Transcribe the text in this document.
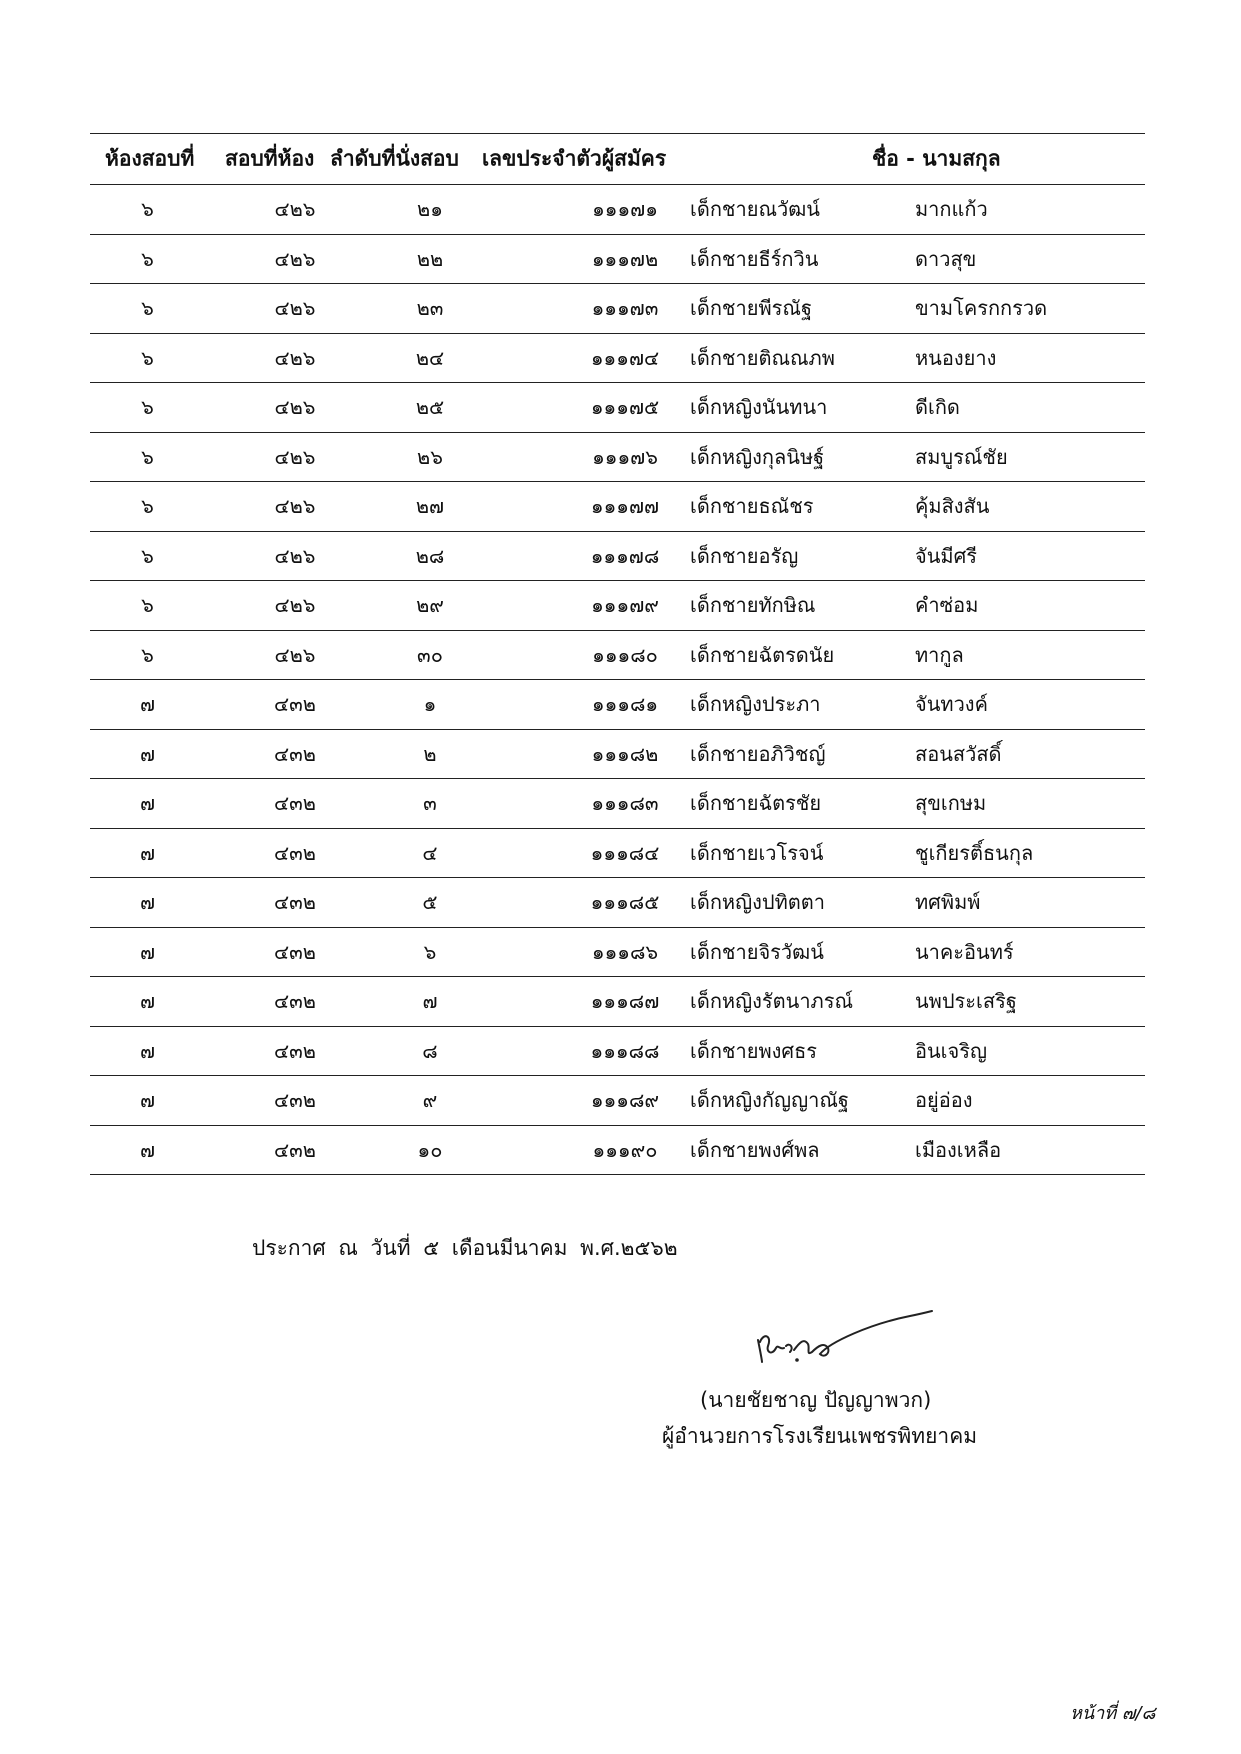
ห้องสอบที่ สอบที่ห้อง ลำดับที่นั่งสอบ เลขประจำตัวผู้สมัคร	ชื่อ - นามสกุล
๖	๔๒๖	๒๑	๑๑๑๗๑	เด็กชายณวัฒน์	มากแก้ว
๖	๔๒๖	๒๒	๑๑๑๗๒	เด็กชายธีร์กวิน	ดาวสุข
๖	๔๒๖	๒๓	๑๑๑๗๓	เด็กชายพีรณัฐ	ขามโครกกรวด
๖	๔๒๖	๒๔	๑๑๑๗๔	เด็กชายติณณภพ	หนองยาง
๖	๔๒๖	๒๕	๑๑๑๗๕	เด็กหญิงนันทนา	ดีเกิด
๖	๔๒๖	๒๖	๑๑๑๗๖	เด็กหญิงกุลนิษฐ์	สมบูรณ์ชัย
๖	๔๒๖	๒๗	๑๑๑๗๗	เด็กชายธณัชร	คุ้มสิงสัน
๖	๔๒๖	๒๘	๑๑๑๗๘	เด็กชายอรัญ	จันมีศรี
๖	๔๒๖	๒๙	๑๑๑๗๙	เด็กชายทักษิณ	คำซ่อม
๖	๔๒๖	๓๐	๑๑๑๘๐	เด็กชายฉัตรดนัย	ทากูล
๗	๔๓๒	๑	๑๑๑๘๑	เด็กหญิงประภา	จันทวงค์
๗	๔๓๒	๒	๑๑๑๘๒	เด็กชายอภิวิชญ์	สอนสวัสดิ์
๗	๔๓๒	๓	๑๑๑๘๓	เด็กชายฉัตรชัย	สุขเกษม
๗	๔๓๒	๔	๑๑๑๘๔	เด็กชายเวโรจน์	ชูเกียรติ์ธนกุล
๗	๔๓๒	๕	๑๑๑๘๕	เด็กหญิงปทิตตา	ทศพิมพ์
๗	๔๓๒	๖	๑๑๑๘๖	เด็กชายจิรวัฒน์	นาคะอินทร์
๗	๔๓๒	๗	๑๑๑๘๗	เด็กหญิงรัตนาภรณ์	นพประเสริฐ
๗	๔๓๒	๘	๑๑๑๘๘	เด็กชายพงศธร	อินเจริญ
๗	๔๓๒	๙	๑๑๑๘๙	เด็กหญิงกัญญาณัฐ	อยู่อ่อง
๗	๔๓๒	๑๐	๑๑๑๙๐	เด็กชายพงศ์พล	เมืองเหลือ
ประกาศ ณ วันที่ ๕ เดือนมีนาคม พ.ศ.๒๕๖๒
(นายชัยชาญ ปัญญาพวก)
ผู้อำนวยการโรงเรียนเพชรพิทยาคม
หน้าที่ ๗/๘
